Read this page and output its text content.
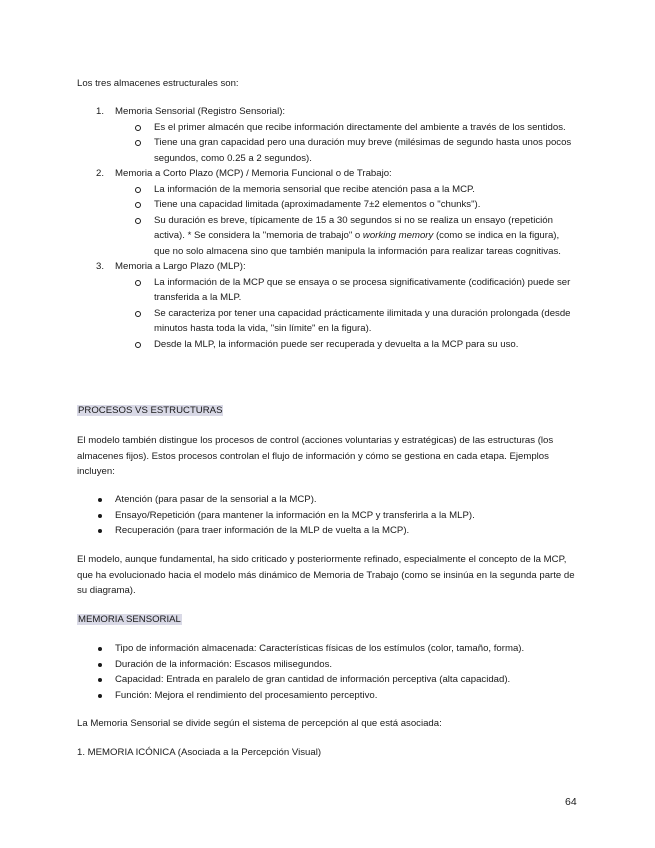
Los tres almacenes estructurales son:

1. Memoria Sensorial (Registro Sensorial):
Es el primer almacén que recibe información directamente del ambiente a través de los sentidos.
Tiene una gran capacidad pero una duración muy breve (milésimas de segundo hasta unos pocos segundos, como 0.25 a 2 segundos).
2. Memoria a Corto Plazo (MCP) / Memoria Funcional o de Trabajo:
La información de la memoria sensorial que recibe atención pasa a la MCP.
Tiene una capacidad limitada (aproximadamente 7±2 elementos o "chunks").
Su duración es breve, típicamente de 15 a 30 segundos si no se realiza un ensayo (repetición activa). * Se considera la "memoria de trabajo" o working memory (como se indica en la figura), que no solo almacena sino que también manipula la información para realizar tareas cognitivas.
3. Memoria a Largo Plazo (MLP):
La información de la MCP que se ensaya o se procesa significativamente (codificación) puede ser transferida a la MLP.
Se caracteriza por tener una capacidad prácticamente ilimitada y una duración prolongada (desde minutos hasta toda la vida, "sin límite" en la figura).
Desde la MLP, la información puede ser recuperada y devuelta a la MCP para su uso.

PROCESOS VS ESTRUCTURAS

El modelo también distingue los procesos de control (acciones voluntarias y estratégicas) de las estructuras (los almacenes fijos). Estos procesos controlan el flujo de información y cómo se gestiona en cada etapa. Ejemplos incluyen:

Atención (para pasar de la sensorial a la MCP).
Ensayo/Repetición (para mantener la información en la MCP y transferirla a la MLP).
Recuperación (para traer información de la MLP de vuelta a la MCP).

El modelo, aunque fundamental, ha sido criticado y posteriormente refinado, especialmente el concepto de la MCP, que ha evolucionado hacia el modelo más dinámico de Memoria de Trabajo (como se insinúa en la segunda parte de su diagrama).

MEMORIA SENSORIAL

Tipo de información almacenada: Características físicas de los estímulos (color, tamaño, forma).
Duración de la información: Escasos milisegundos.
Capacidad: Entrada en paralelo de gran cantidad de información perceptiva (alta capacidad).
Función: Mejora el rendimiento del procesamiento perceptivo.

La Memoria Sensorial se divide según el sistema de percepción al que está asociada:

1. MEMORIA ICÓNICA (Asociada a la Percepción Visual)

64
